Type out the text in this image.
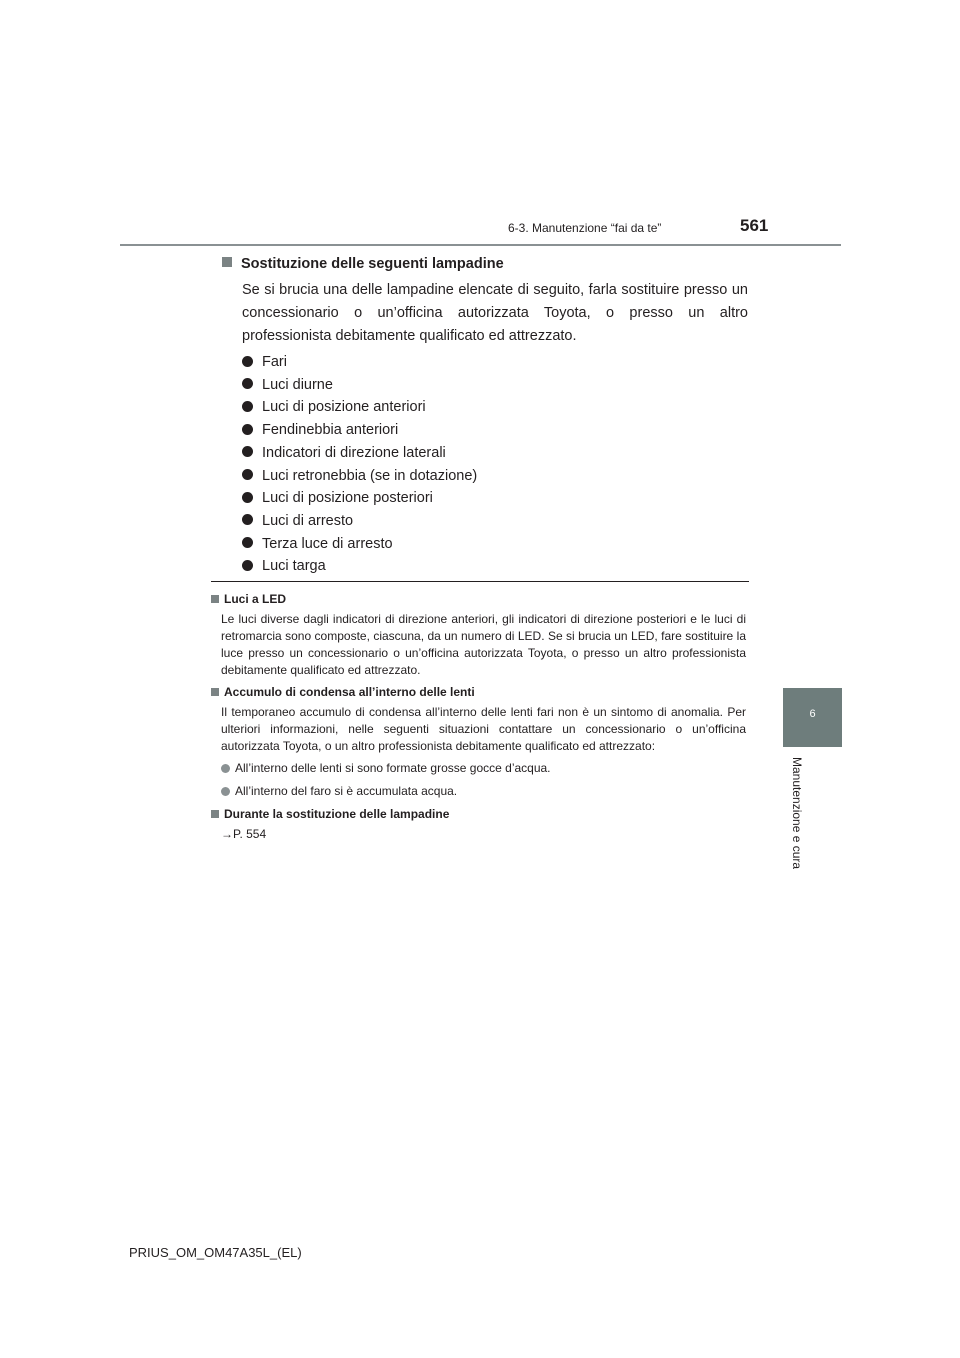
6-3. Manutenzione “fai da te”	561
6
Manutenzione e cura

Sostituzione delle seguenti lampadine

Se si brucia una delle lampadine elencate di seguito, farla sostituire presso un concessionario o un’officina autorizzata Toyota, o presso un altro professionista debitamente qualificato ed attrezzato.

Fari
Luci diurne
Luci di posizione anteriori
Fendinebbia anteriori
Indicatori di direzione laterali
Luci retronebbia (se in dotazione)
Luci di posizione posteriori
Luci di arresto
Terza luce di arresto
Luci targa

Luci a LED

Le luci diverse dagli indicatori di direzione anteriori, gli indicatori di direzione posteriori e le luci di retromarcia sono composte, ciascuna, da un numero di LED. Se si brucia un LED, fare sostituire la luce presso un concessionario o un’officina autorizzata Toyota, o presso un altro professionista debitamente qualificato ed attrezzato.

Accumulo di condensa all’interno delle lenti

Il temporaneo accumulo di condensa all’interno delle lenti fari non è un sintomo di anomalia. Per ulteriori informazioni, nelle seguenti situazioni contattare un concessionario o un’officina autorizzata Toyota, o un altro professionista debitamente qualificato ed attrezzato:

All’interno delle lenti si sono formate grosse gocce d’acqua.
All’interno del faro si è accumulata acqua.

Durante la sostituzione delle lampadine

→P. 554

PRIUS_OM_OM47A35L_(EL)
